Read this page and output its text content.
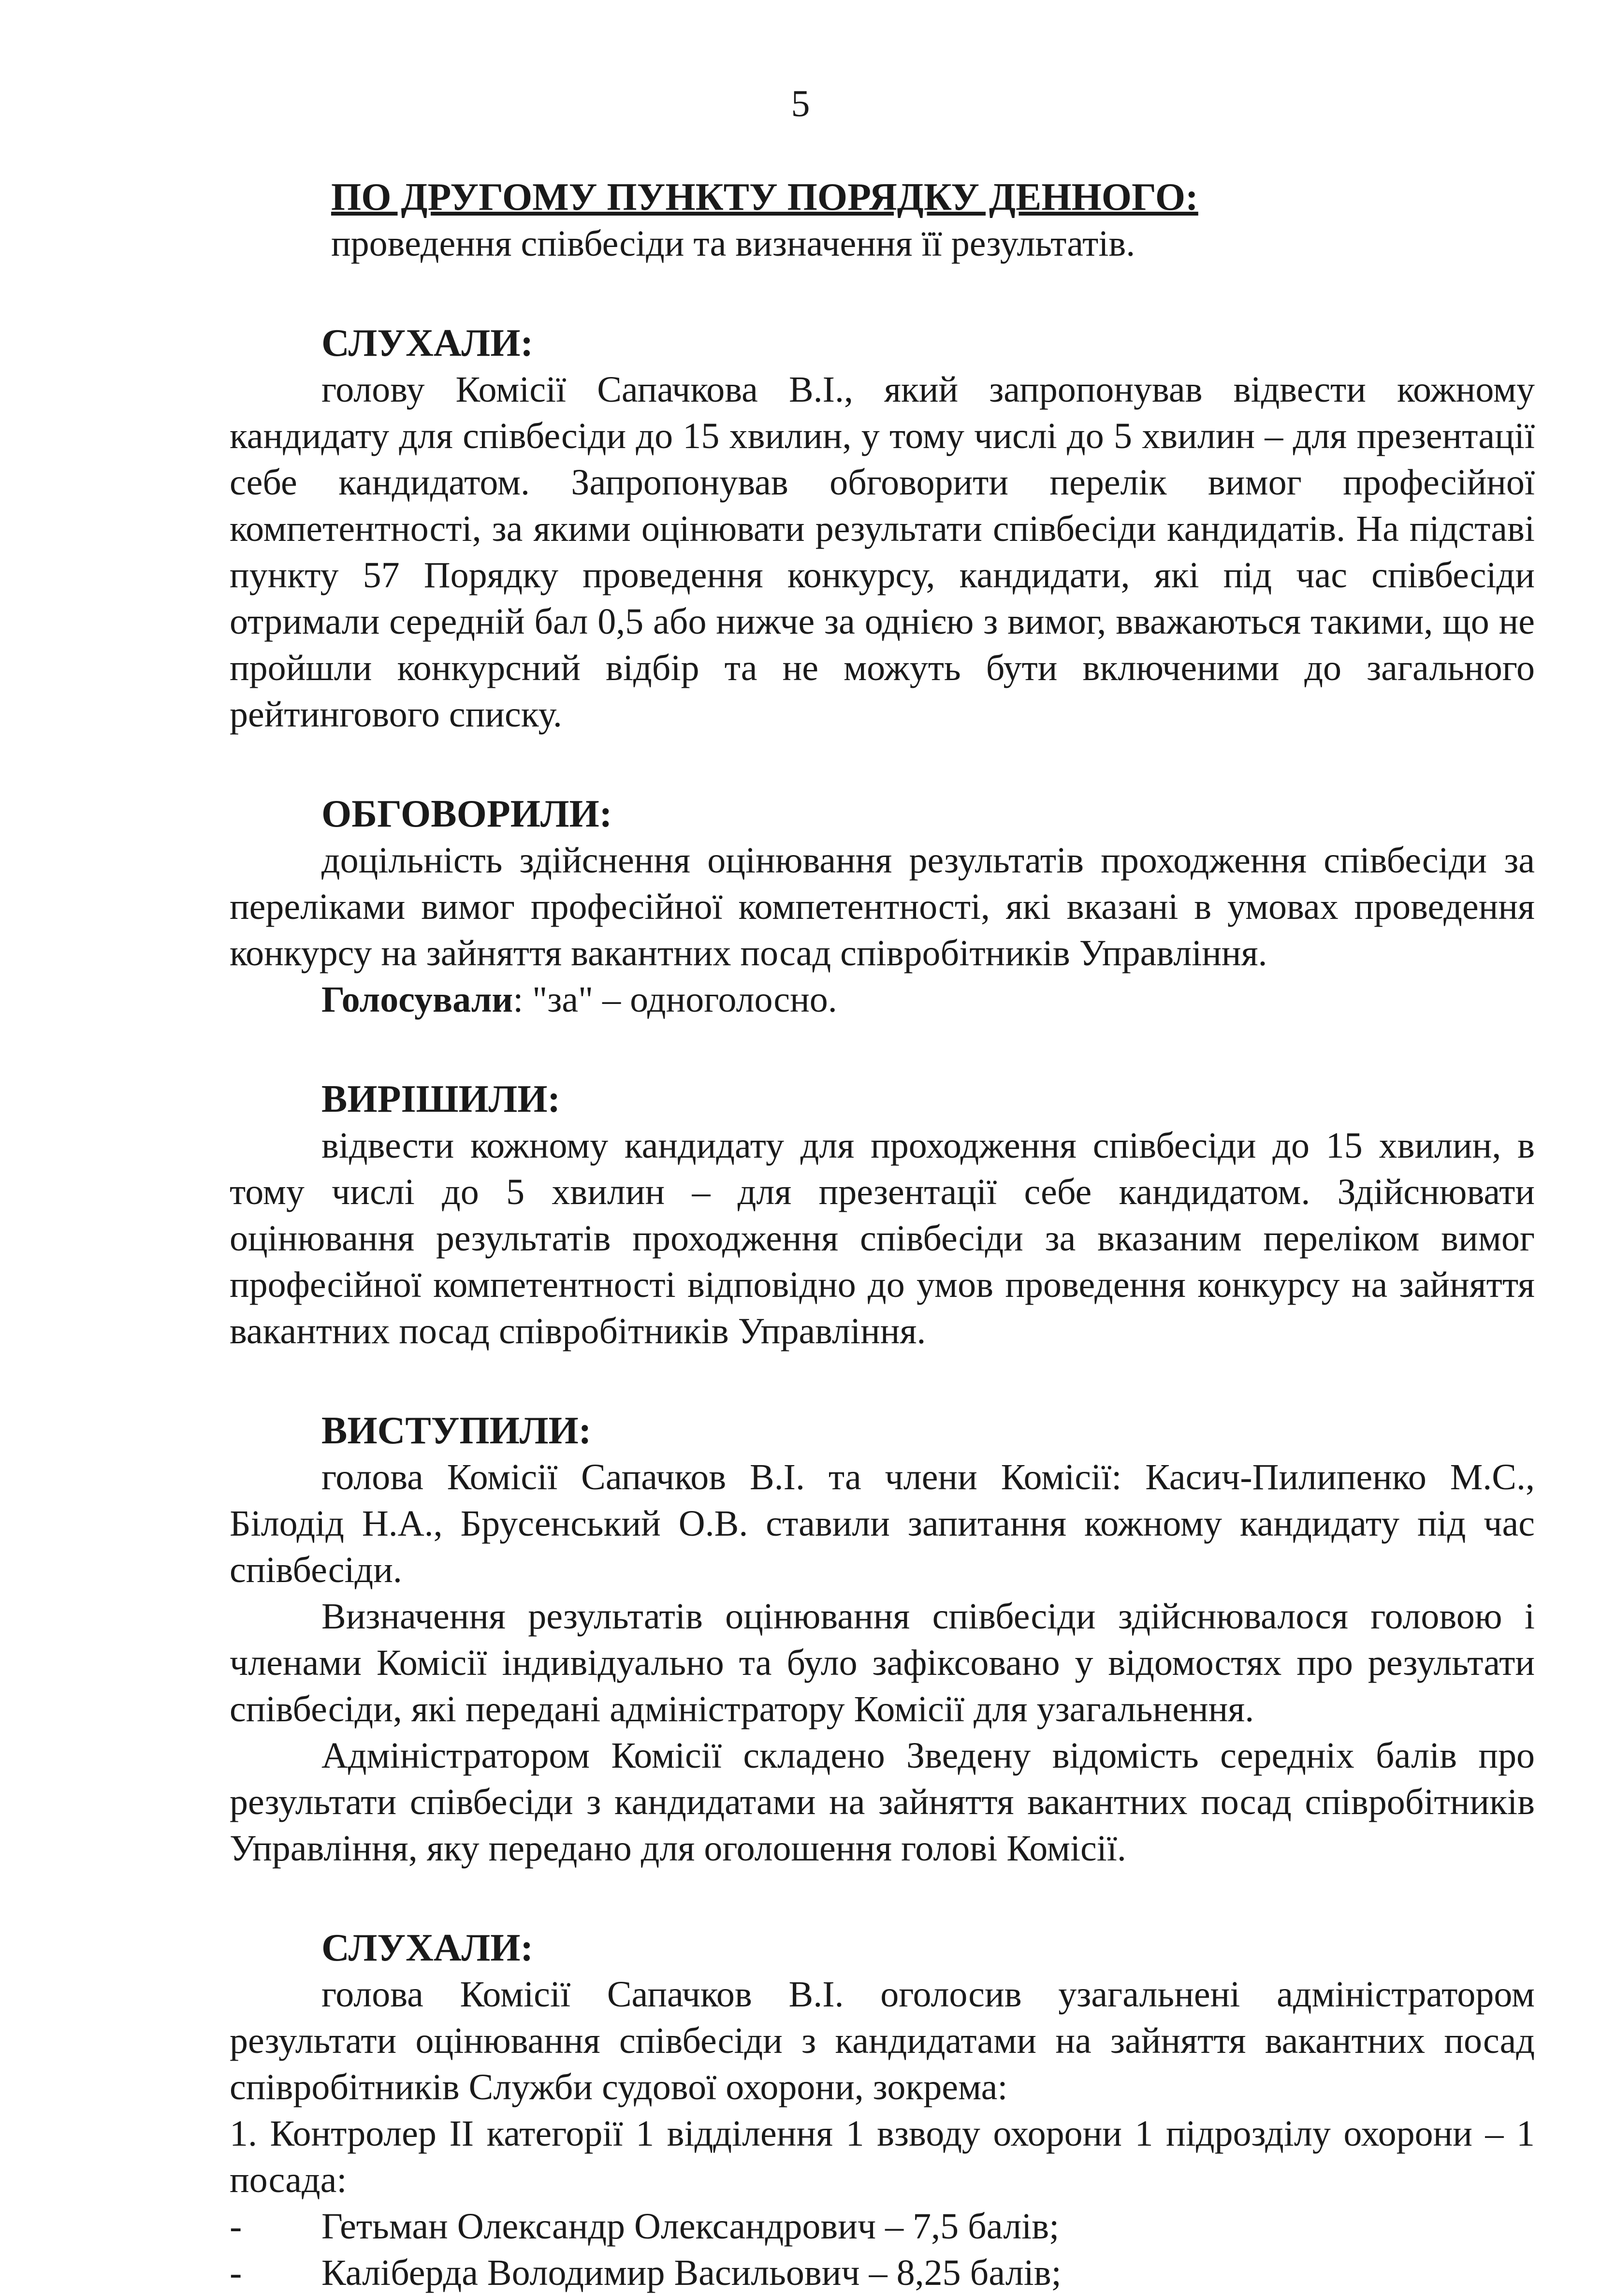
5
ПО ДРУГОМУ ПУНКТУ ПОРЯДКУ ДЕННОГО:

проведення співбесіди та визначення її результатів.

СЛУХАЛИ:

голову Комісії Сапачкова В.І., який запропонував відвести кожному кандидату для співбесіди до 15 хвилин, у тому числі до 5 хвилин – для презентації себе кандидатом. Запропонував обговорити перелік вимог професійної компетентності, за якими оцінювати результати співбесіди кандидатів. На підставі пункту 57 Порядку проведення конкурсу, кандидати, які під час співбесіди отримали середній бал 0,5 або нижче за однією з вимог, вважаються такими, що не пройшли конкурсний відбір та не можуть бути включеними до загального рейтингового списку.

ОБГОВОРИЛИ:

доцільність здійснення оцінювання результатів проходження співбесіди за переліками вимог професійної компетентності, які вказані в умовах проведення конкурсу на зайняття вакантних посад співробітників Управління.

Голосували: "за" – одноголосно.
ВИРІШИЛИ:

відвести кожному кандидату для проходження співбесіди до 15 хвилин, в тому числі до 5 хвилин – для презентації себе кандидатом. Здійснювати оцінювання результатів проходження співбесіди за вказаним переліком вимог професійної компетентності відповідно до умов проведення конкурсу на зайняття вакантних посад співробітників Управління.

ВИСТУПИЛИ:

голова Комісії Сапачков В.І. та члени Комісії: Касич-Пилипенко М.С., Білодід Н.А., Брусенський О.В. ставили запитання кожному кандидату під час співбесіди.

Визначення результатів оцінювання співбесіди здійснювалося головою і членами Комісії індивідуально та було зафіксовано у відомостях про результати співбесіди, які передані адміністратору Комісії для узагальнення.

Адміністратором Комісії складено Зведену відомість середніх балів про результати співбесіди з кандидатами на зайняття вакантних посад співробітників Управління, яку передано для оголошення голові Комісії.

СЛУХАЛИ:

голова Комісії Сапачков В.І. оголосив узагальнені адміністратором результати оцінювання співбесіди з кандидатами на зайняття вакантних посад співробітників Служби судової охорони, зокрема:

1. Контролер ІІ категорії 1 відділення 1 взводу охорони 1 підрозділу охорони – 1 посада:

-	Гетьман Олександр Олександрович – 7,5 балів;
-	Каліберда Володимир Васильович – 8,25 балів;
